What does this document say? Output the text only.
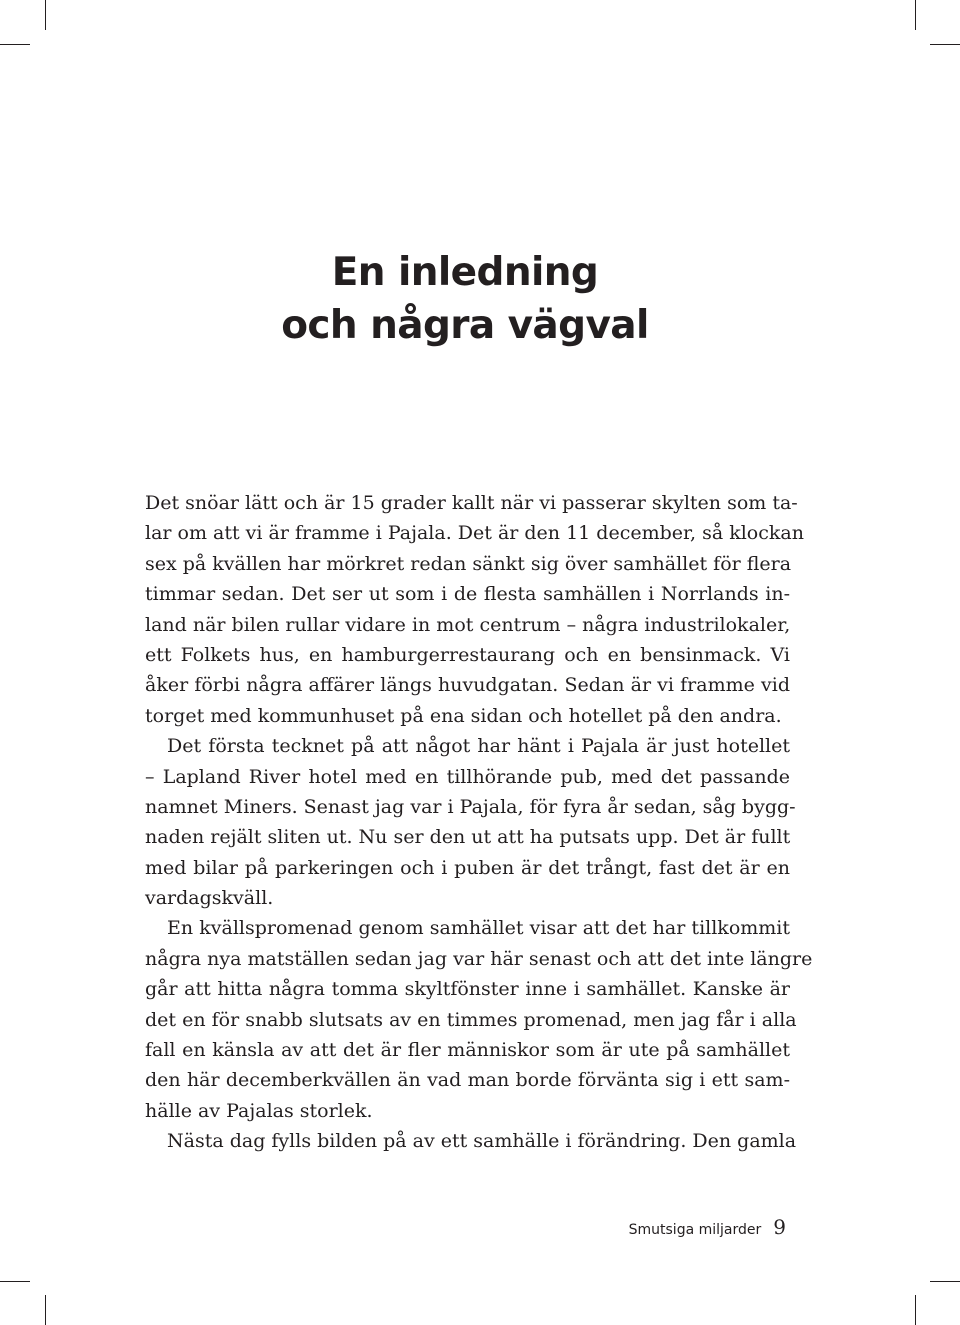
En inledning
och några vägval
Det snöar lätt och är 15 grader kallt när vi passerar skylten som ta-
lar om att vi är framme i Pajala. Det är den 11 december, så klockan
sex på kvällen har mörkret redan sänkt sig över samhället för flera
timmar sedan. Det ser ut som i de flesta samhällen i Norrlands in-
land när bilen rullar vidare in mot centrum – några industrilokaler,
ett Folkets hus, en hamburgerrestaurang och en bensinmack. Vi
åker förbi några affärer längs huvudgatan. Sedan är vi framme vid
torget med kommunhuset på ena sidan och hotellet på den andra.
Det första tecknet på att något har hänt i Pajala är just hotellet
– Lapland River hotel med en tillhörande pub, med det passande
namnet Miners. Senast jag var i Pajala, för fyra år sedan, såg bygg-
naden rejält sliten ut. Nu ser den ut att ha putsats upp. Det är fullt
med bilar på parkeringen och i puben är det trångt, fast det är en
vardagskväll.
En kvällspromenad genom samhället visar att det har tillkommit
några nya matställen sedan jag var här senast och att det inte längre
går att hitta några tomma skyltfönster inne i samhället. Kanske är
det en för snabb slutsats av en timmes promenad, men jag får i alla
fall en känsla av att det är fler människor som är ute på samhället
den här decemberkvällen än vad man borde förvänta sig i ett sam-
hälle av Pajalas storlek.
Nästa dag fylls bilden på av ett samhälle i förändring. Den gamla
Smutsiga miljarder 9
